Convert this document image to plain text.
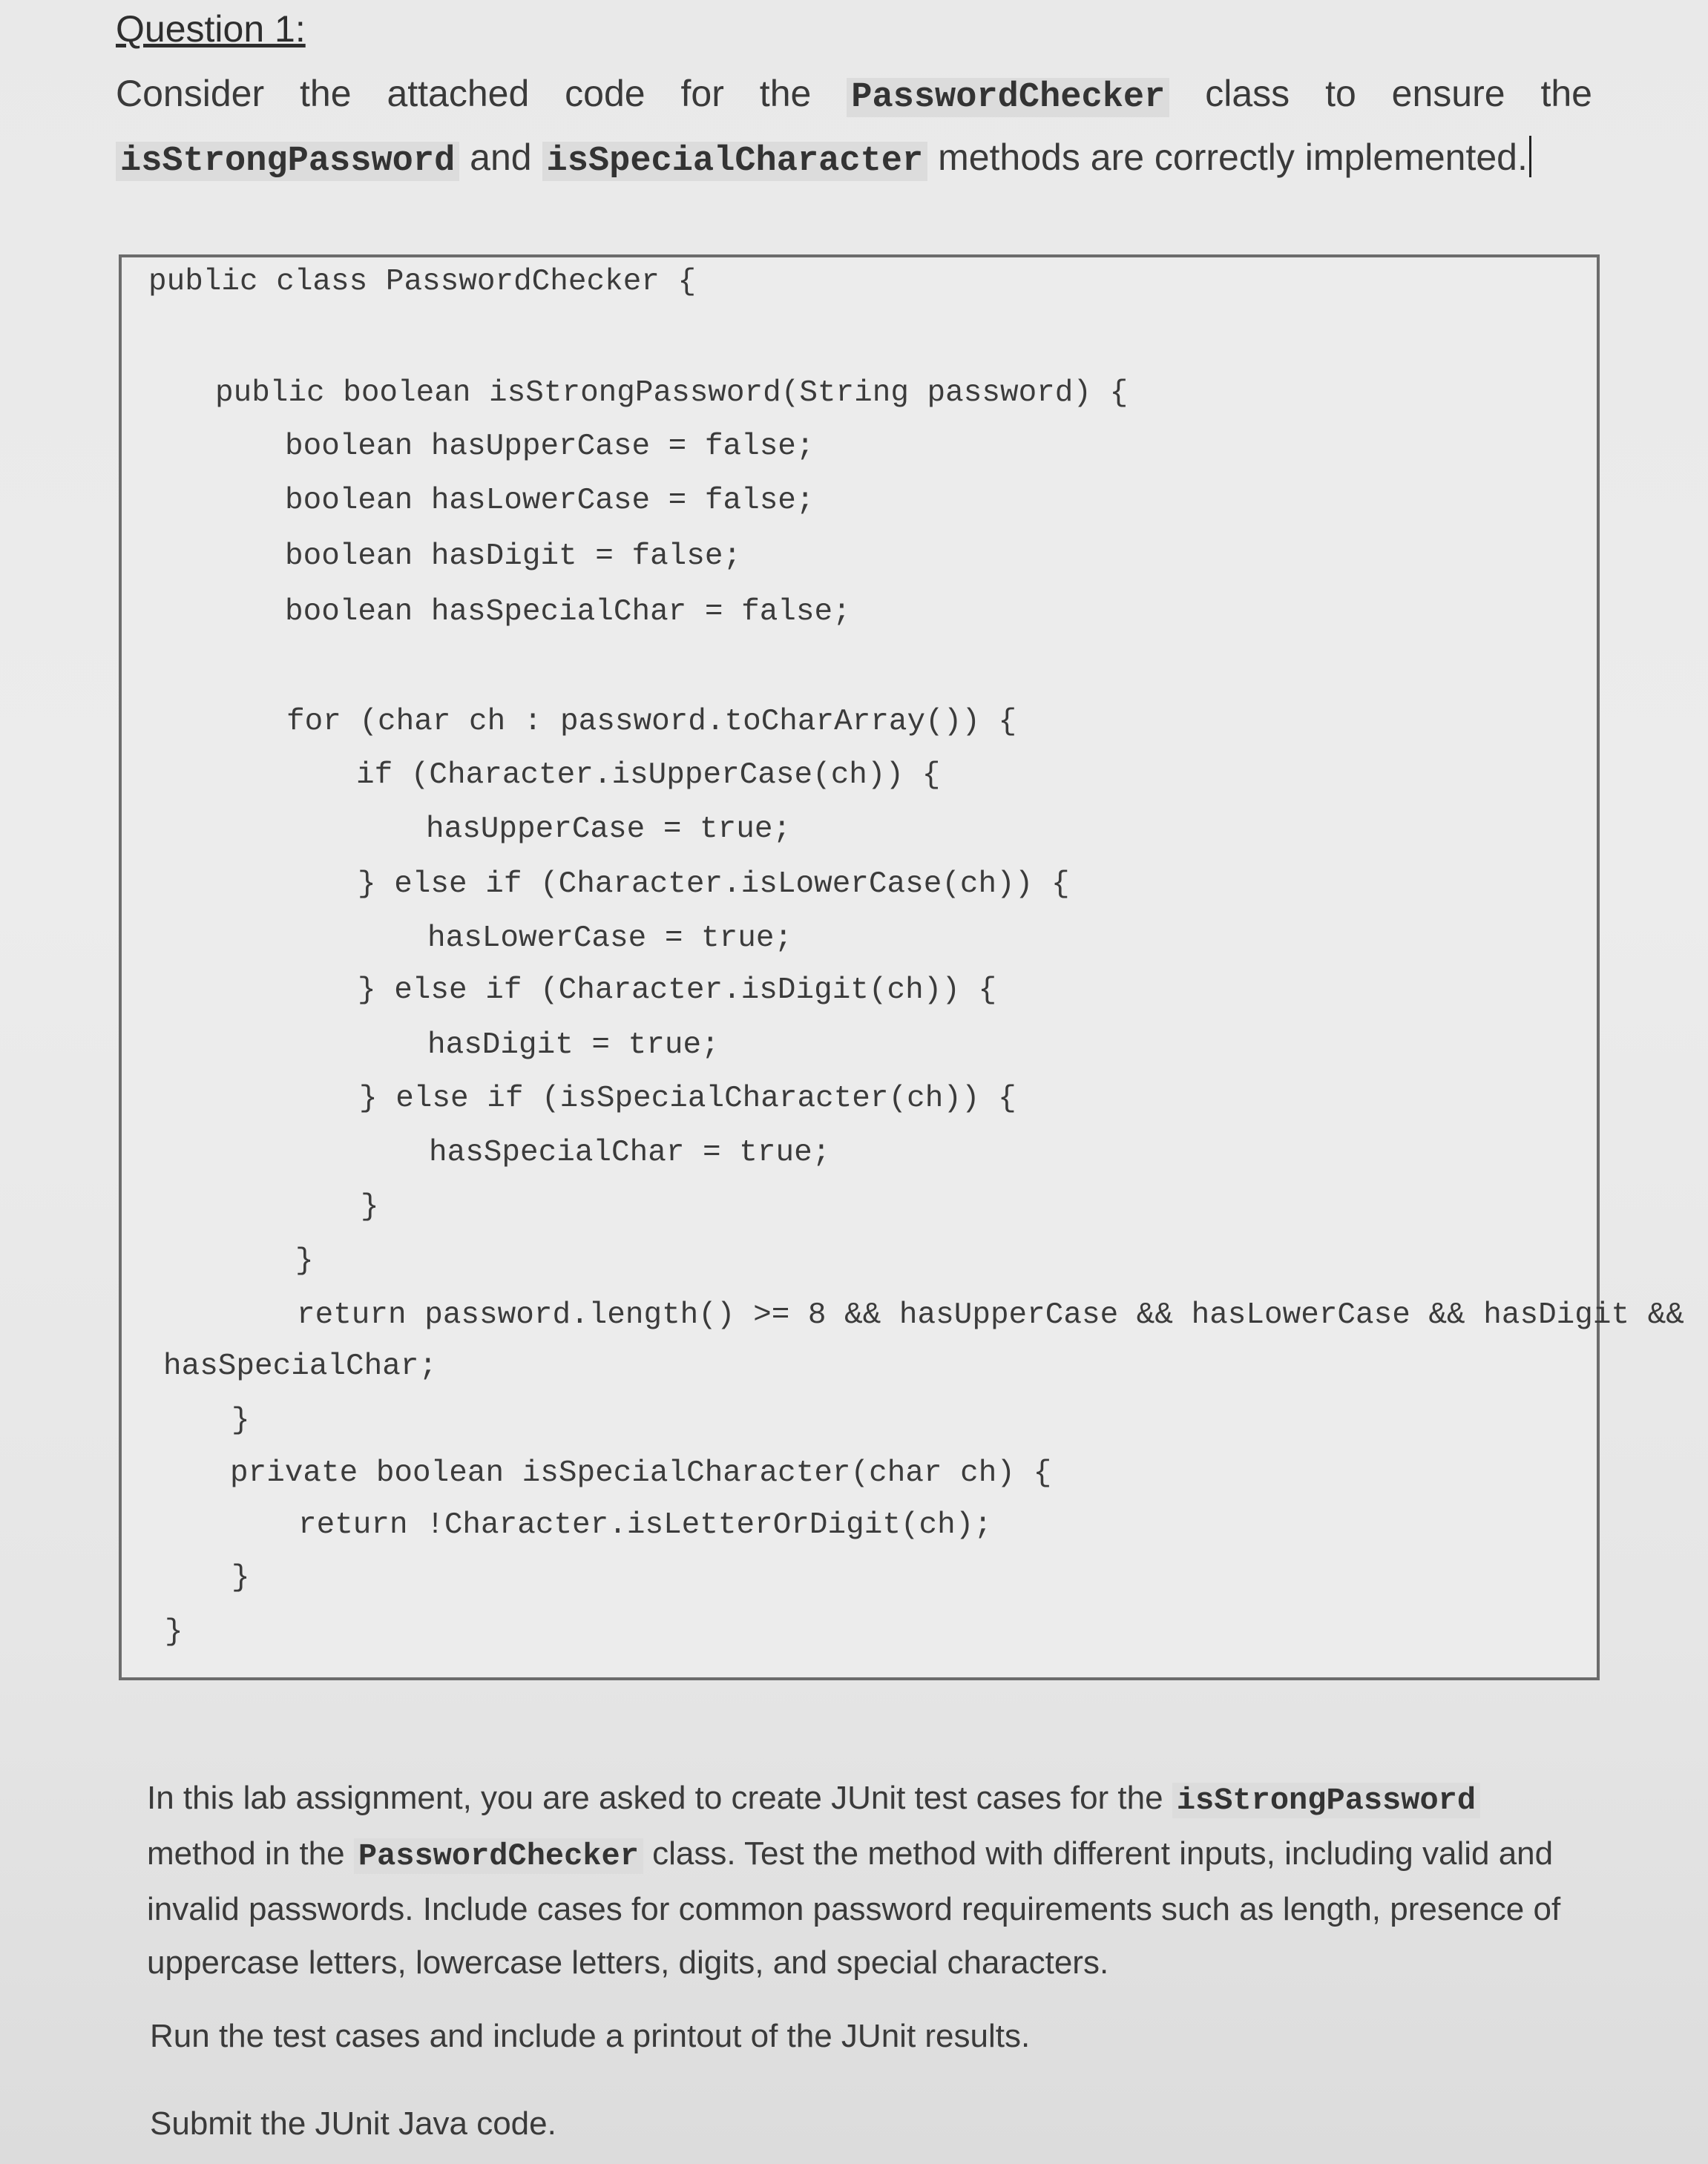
Question 1:

Consider the attached code for the PasswordChecker class to ensure the isStrongPassword and isSpecialCharacter methods are correctly implemented.

public class PasswordChecker {
public boolean isStrongPassword(String password) {
boolean hasUpperCase = false;
boolean hasLowerCase = false;
boolean hasDigit = false;
boolean hasSpecialChar = false;
for (char ch : password.toCharArray()) {
if (Character.isUpperCase(ch)) {
hasUpperCase = true;
} else if (Character.isLowerCase(ch)) {
hasLowerCase = true;
} else if (Character.isDigit(ch)) {
hasDigit = true;
} else if (isSpecialCharacter(ch)) {
hasSpecialChar = true;
}
}
return password.length() >= 8 && hasUpperCase && hasLowerCase && hasDigit &&
hasSpecialChar;
}
private boolean isSpecialCharacter(char ch) {
return !Character.isLetterOrDigit(ch);
}
}

In this lab assignment, you are asked to create JUnit test cases for the isStrongPassword method in the PasswordChecker class. Test the method with different inputs, including valid and invalid passwords. Include cases for common password requirements such as length, presence of uppercase letters, lowercase letters, digits, and special characters.

Run the test cases and include a printout of the JUnit results.

Submit the JUnit Java code.
